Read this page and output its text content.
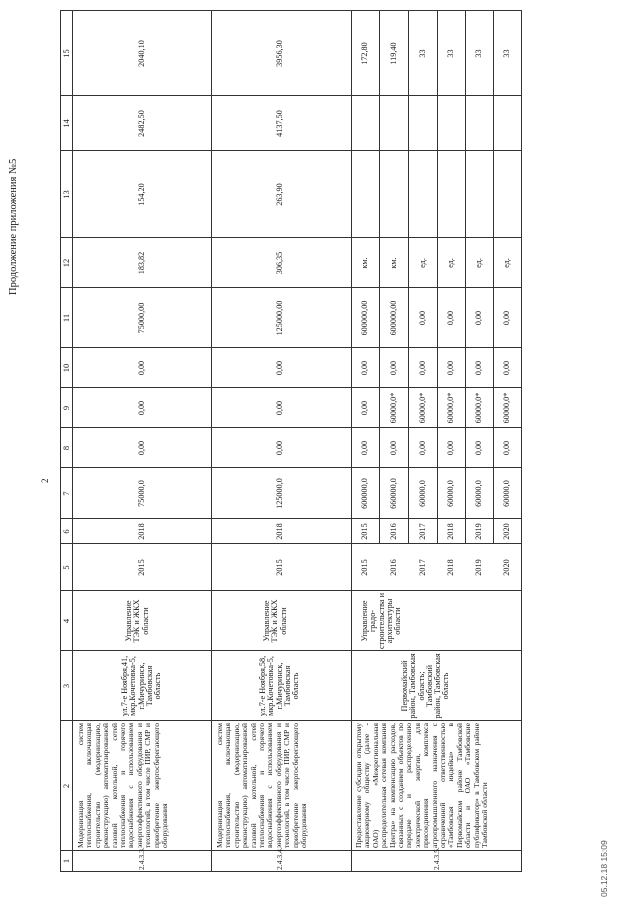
Продолжение приложения №5
2
05.12.18 15:09
1
2
3
4
5
6
7
8
9
10
11
12
13
14
15
2.4.3.3.
Модернизация систем теплоснабжения, включающая строительство (модернизацию, реконструкцию) автоматизированной газовой котельной, сетей теплоснабжения и горячего водоснабжения с использованием энергоэффективного оборудования и технологий, в том числе ПИР, СМР и приобретение энергосберегающего оборудования
ул.7-е Ноября,41, мкр.Кочетовка-5, г.Мичуринск, Тамбовская область
Управление ТЭК и ЖКХ области
2015
2018
75000,0
0,00
0,00
0,00
75000,00
183,82
154,20
2482,50
2040,10
2.4.3.4.
Модернизация систем теплоснабжения, включающая строительство (модернизацию, реконструкцию) автоматизированной газовой котельной, сетей теплоснабжения и горячего водоснабжения с использованием энергоэффективного оборудования и технологий, в том числе ПИР, СМР и приобретение энергосберегающего оборудования
ул.7-е Ноября,58, мкр.Кочетовка-5, г.Мичуринск, Тамбовская область
Управление ТЭК и ЖКХ области
2015
2018
125000,0
0,00
0,00
0,00
125000,00
306,35
263,90
4137,50
3956,30
2.4.3.5.
Предоставление субсидии открытому акционерному обществу (далее - ОАО) «Межрегиональная распределительная сетевая компания Центра» на компенсацию расходов, связанных с созданием объектов по передаче и распределению электрической энергии, для присоединения комплекса агропромышленного назначения с ограниченной ответственностью «Тамбовская индейка» в Первомайском районе Тамбовской области и ОАО «Тамбовские публификатор» в Тамбовском районе Тамбовской области
Первомайский район, Тамбовская область; Тамбовский район, Тамбовская область
Управление градо-строительства и архитектуры области
2015
2015
600000,0
0,00
0,00
0,00
600000,00
км.
172,80
2016
2016
660000,0
0,00
60000,0*
0,00
600000,00
км.
119,40
2017
2017
60000,0
0,00
60000,0*
0,00
0,00
ед.
33
2018
2018
60000,0
0,00
60000,0*
0,00
0,00
ед.
33
2019
2019
60000,0
0,00
60000,0*
0,00
0,00
ед.
33
2020
2020
60000,0
0,00
60000,0*
0,00
0,00
ед.
33
